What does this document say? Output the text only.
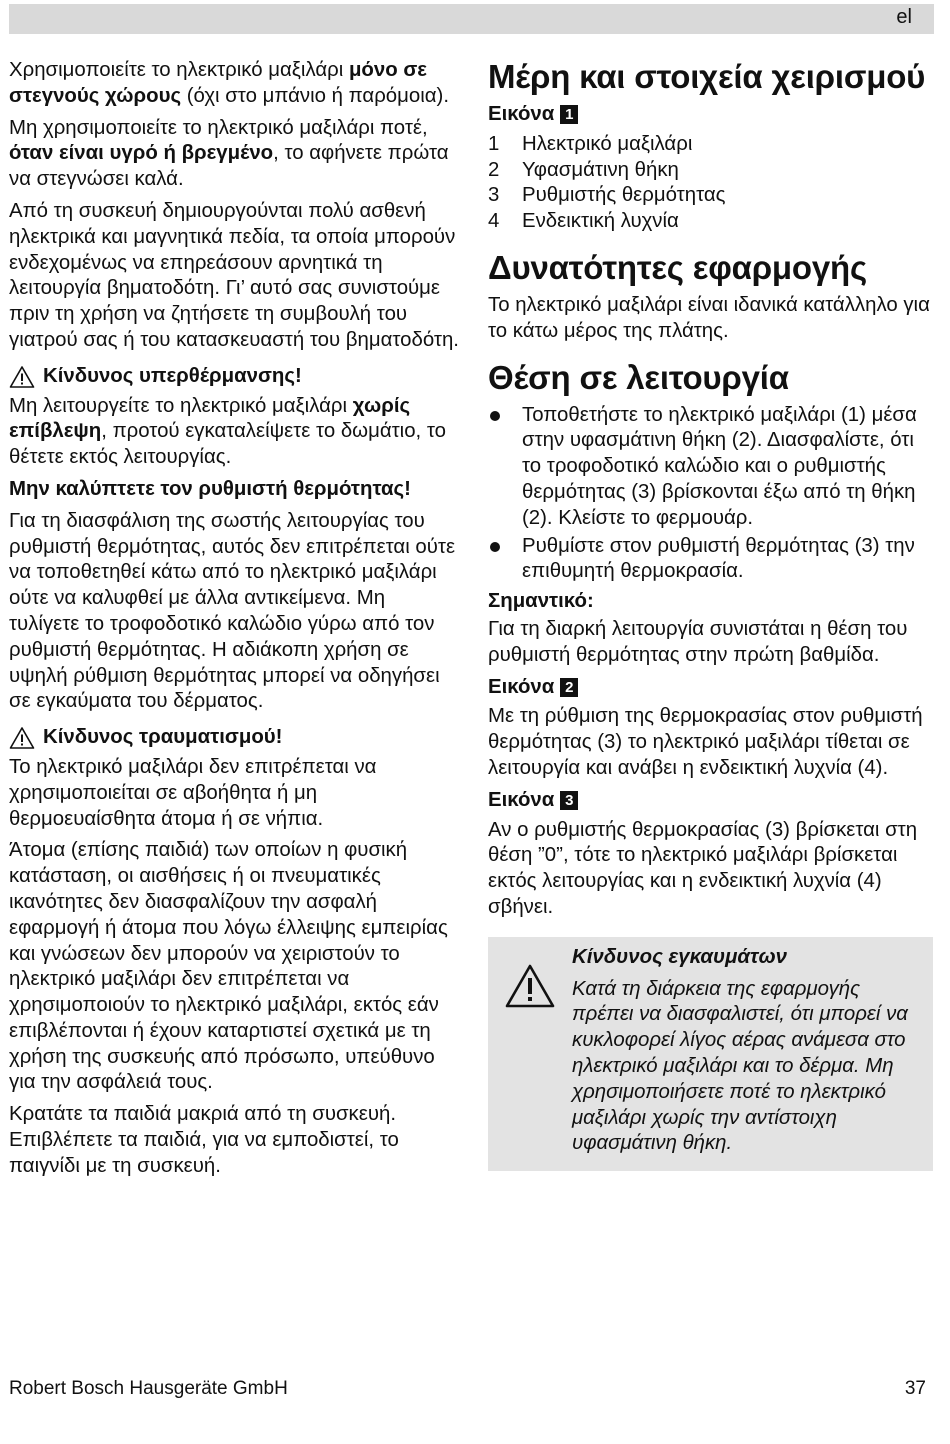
el

Χρησιμοποιείτε το ηλεκτρικό μαξιλάρι μόνο σε στεγνούς χώρους (όχι στο μπάνιο ή παρόμοια).

Μη χρησιμοποιείτε το ηλεκτρικό μαξιλάρι ποτέ, όταν είναι υγρό ή βρεγμένο, το αφήνετε πρώτα να στεγνώσει καλά.

Από τη συσκευή δημιουργούνται πολύ ασθενή ηλεκτρικά και μαγνητικά πεδία, τα οποία μπορούν ενδεχομένως να επηρεάσουν αρνητικά τη λειτουργία βηματοδότη. Γι’ αυτό σας συνιστούμε πριν τη χρήση να ζητήσετε τη συμβουλή του γιατρού σας ή του κατασκευαστή του βηματοδότη.

Κίνδυνος υπερθέρμανσης!

Μη λειτουργείτε το ηλεκτρικό μαξιλάρι χωρίς επίβλεψη, προτού εγκαταλείψετε το δωμάτιο, το θέτετε εκτός λειτουργίας.

Μην καλύπτετε τον ρυθμιστή θερμότητας!

Για τη διασφάλιση της σωστής λειτουργίας του ρυθμιστή θερμότητας, αυτός δεν επιτρέπεται ούτε να τοποθετηθεί κάτω από το ηλεκτρικό μαξιλάρι ούτε να καλυφθεί με άλλα αντικείμενα. Μη τυλίγετε το τροφοδοτικό καλώδιο γύρω από τον ρυθμιστή θερμότητας. Η αδιάκοπη χρήση σε υψηλή ρύθμιση θερμότητας μπορεί να οδηγήσει σε εγκαύματα του δέρματος.

Κίνδυνος τραυματισμού!

Το ηλεκτρικό μαξιλάρι δεν επιτρέπεται να χρησιμοποιείται σε αβοήθητα ή μη θερμοευαίσθητα άτομα ή σε νήπια.

Άτομα (επίσης παιδιά) των οποίων η φυσική κατάσταση, οι αισθήσεις ή οι πνευματικές ικανότητες δεν διασφαλίζουν την ασφαλή εφαρμογή ή άτομα που λόγω έλλειψης εμπειρίας και γνώσεων δεν μπορούν να χειριστούν το ηλεκτρικό μαξιλάρι δεν επιτρέπεται να χρησιμοποιούν το ηλεκτρικό μαξιλάρι, εκτός εάν επιβλέπονται ή έχουν καταρτιστεί σχετικά με τη χρήση της συσκευής από πρόσωπο, υπεύθυνο για την ασφάλειά τους.

Κρατάτε τα παιδιά μακριά από τη συσκευή. Επιβλέπετε τα παιδιά, για να εμποδιστεί, το παιγνίδι με τη συσκευή.

Μέρη και στοιχεία χειρισμού
Εικόνα 1
1	Ηλεκτρικό μαξιλάρι
2	Υφασμάτινη θήκη
3	Ρυθμιστής θερμότητας
4	Ενδεικτική λυχνία
Δυνατότητες εφαρμογής

Το ηλεκτρικό μαξιλάρι είναι ιδανικά κατάλληλο για το κάτω μέρος της πλάτης.

Θέση σε λειτουργία
Τοποθετήστε το ηλεκτρικό μαξιλάρι (1) μέσα στην υφασμάτινη θήκη (2). Διασφαλίστε, ότι το τροφοδοτικό καλώδιο και ο ρυθμιστής θερμότητας (3) βρίσκονται έξω από τη θήκη (2). Κλείστε το φερμουάρ.
Ρυθμίστε στον ρυθμιστή θερμότητας (3) την επιθυμητή θερμοκρασία.
Σημαντικό:

Για τη διαρκή λειτουργία συνιστάται η θέση του ρυθμιστή θερμότητας στην πρώτη βαθμίδα.

Εικόνα 2

Με τη ρύθμιση της θερμοκρασίας στον ρυθμιστή θερμότητας (3) το ηλεκτρικό μαξιλάρι τίθεται σε λειτουργία και ανάβει η ενδεικτική λυχνία (4).

Εικόνα 3

Αν ο ρυθμιστής θερμοκρασίας (3) βρίσκεται στη θέση ”0”, τότε το ηλεκτρικό μαξιλάρι βρίσκεται εκτός λειτουργίας και η ενδεικτική λυχνία (4) σβήνει.

Κίνδυνος εγκαυμάτων
Κατά τη διάρκεια της εφαρμογής πρέπει να διασφαλιστεί, ότι μπορεί να κυκλοφορεί λίγος αέρας ανάμεσα στο ηλεκτρικό μαξιλάρι και το δέρμα. Μη χρησιμοποιήσετε ποτέ το ηλεκτρικό μαξιλάρι χωρίς την αντίστοιχη υφασμάτινη θήκη.
Robert Bosch Hausgeräte GmbH	37
